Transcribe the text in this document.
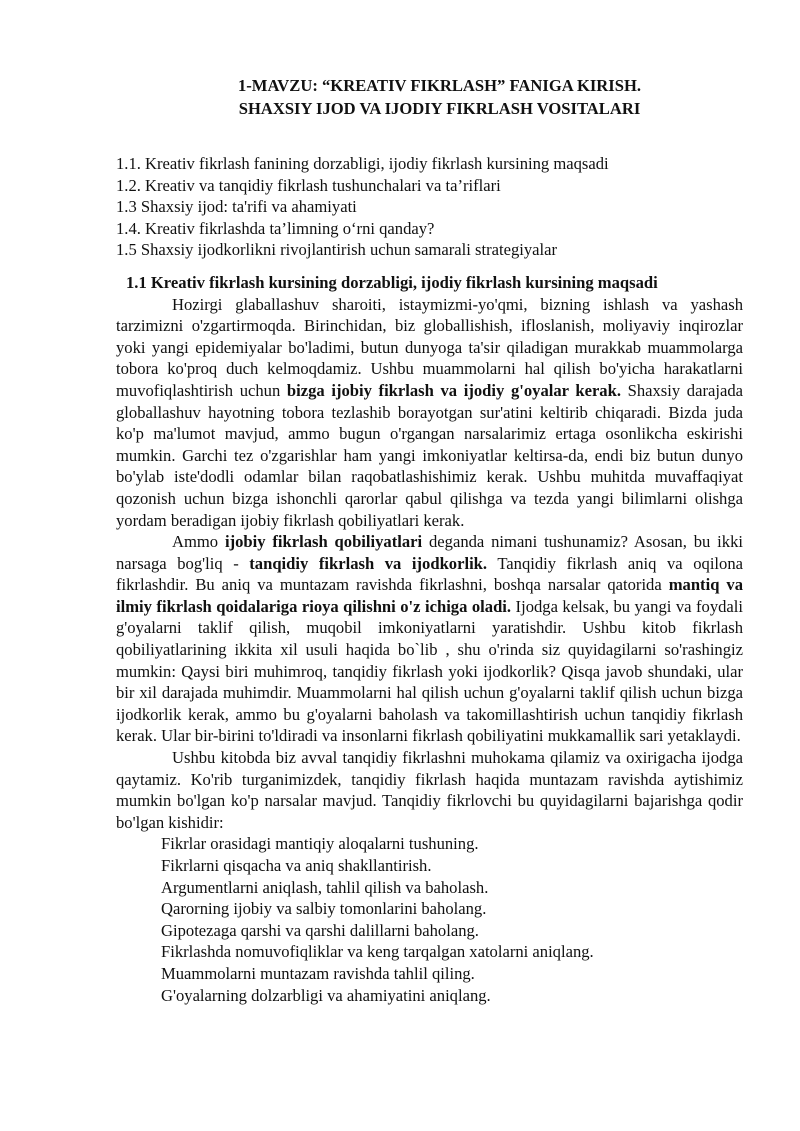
1-MAVZU: “KREATIV FIKRLASH” FANIGA KIRISH.

SHAXSIY IJOD VA IJODIY FIKRLASH VOSITALARI

1.1. Kreativ fikrlash fanining dorzabligi, ijodiy fikrlash kursining maqsadi
1.2. Kreativ va tanqidiy fikrlash tushunchalari va ta’riflari
1.3 Shaxsiy ijod: ta'rifi va ahamiyati
1.4. Kreativ fikrlashda ta’limning o‘rni qanday?
1.5 Shaxsiy ijodkorlikni rivojlantirish uchun samarali strategiyalar
1.1 Kreativ fikrlash kursining dorzabligi, ijodiy fikrlash kursining maqsadi

Hozirgi glaballashuv sharoiti, istaymizmi-yo'qmi, bizning ishlash va yashash tarzimizni o'zgartirmoqda. Birinchidan, biz globallishish, ifloslanish, moliyaviy inqirozlar yoki yangi epidemiyalar bo'ladimi, butun dunyoga ta'sir qiladigan murakkab muammolarga tobora ko'proq duch kelmoqdamiz. Ushbu muammolarni hal qilish bo'yicha harakatlarni muvofiqlashtirish uchun bizga ijobiy fikrlash va ijodiy g'oyalar kerak. Shaxsiy darajada globallashuv hayotning tobora tezlashib borayotgan sur'atini keltirib chiqaradi. Bizda juda ko'p ma'lumot mavjud, ammo bugun o'rgangan narsalarimiz ertaga osonlikcha eskirishi mumkin. Garchi tez o'zgarishlar ham yangi imkoniyatlar keltirsa-da, endi biz butun dunyo bo'ylab iste'dodli odamlar bilan raqobatlashishimiz kerak. Ushbu muhitda muvaffaqiyat qozonish uchun bizga ishonchli qarorlar qabul qilishga va tezda yangi bilimlarni olishga yordam beradigan ijobiy fikrlash qobiliyatlari kerak.

Ammo ijobiy fikrlash qobiliyatlari deganda nimani tushunamiz? Asosan, bu ikki narsaga bog'liq - tanqidiy fikrlash va ijodkorlik. Tanqidiy fikrlash aniq va oqilona fikrlashdir. Bu aniq va muntazam ravishda fikrlashni, boshqa narsalar qatorida mantiq va ilmiy fikrlash qoidalariga rioya qilishni o'z ichiga oladi. Ijodga kelsak, bu yangi va foydali g'oyalarni taklif qilish, muqobil imkoniyatlarni yaratishdir. Ushbu kitob fikrlash qobiliyatlarining ikkita xil usuli haqida bo`lib , shu o'rinda siz quyidagilarni so'rashingiz mumkin: Qaysi biri muhimroq, tanqidiy fikrlash yoki ijodkorlik? Qisqa javob shundaki, ular bir xil darajada muhimdir. Muammolarni hal qilish uchun g'oyalarni taklif qilish uchun bizga ijodkorlik kerak, ammo bu g'oyalarni baholash va takomillashtirish uchun tanqidiy fikrlash kerak. Ular bir-birini to'ldiradi va insonlarni fikrlash qobiliyatini mukkamallik sari yetaklaydi.

Ushbu kitobda biz avval tanqidiy fikrlashni muhokama qilamiz va oxirigacha ijodga qaytamiz. Ko'rib turganimizdek, tanqidiy fikrlash haqida muntazam ravishda aytishimiz mumkin bo'lgan ko'p narsalar mavjud. Tanqidiy fikrlovchi bu quyidagilarni bajarishga qodir bo'lgan kishidir:

Fikrlar orasidagi mantiqiy aloqalarni tushuning.
Fikrlarni qisqacha va aniq shakllantirish.
Argumentlarni aniqlash, tahlil qilish va baholash.
Qarorning ijobiy va salbiy tomonlarini baholang.
Gipotezaga qarshi va qarshi dalillarni baholang.
Fikrlashda nomuvofiqliklar va keng tarqalgan xatolarni aniqlang.
Muammolarni muntazam ravishda tahlil qiling.
G'oyalarning dolzarbligi va ahamiyatini aniqlang.
